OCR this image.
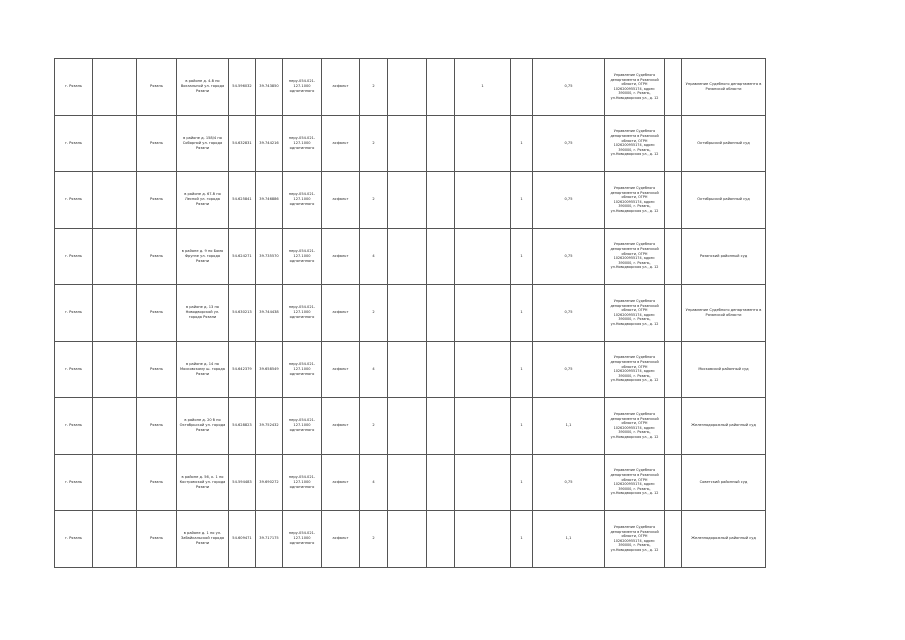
г. Рязань		Рязань	в районе д. 4-б по Вокзальной ул. города Рязани	54.596032	39.743850	неру-054.021-127.1000 однотипного	асфальт	2			1		0,75	Управление Судебного департамента в Рязанской области, ОГРН 1026200955174, адрес: 390000, г. Рязань, ул.Новодворская ул., д. 12		Управление Судебного департамента в Рязанской области
г. Рязань		Рязань	в районе д. 158/4 по Соборной ул. города Рязани	54.632831	39.744216	неру-054.021-127.1000 однотипного	асфальт	2				1	0,75	Управление Судебного департамента в Рязанской области, ОГРН 1026200955174, адрес: 390000, г. Рязань, ул.Новодворская ул., д. 12		Октябрьский районный суд
г. Рязань		Рязань	в районе д. 67-б по Лесной ул. города Рязани	54.625841	39.746886	неру-054.021-127.1000 однотипного	асфальт	2				1	0,75	Управление Судебного департамента в Рязанской области, ОГРН 1026200955174, адрес: 390000, г. Рязань, ул.Новодворская ул., д. 12		Октябрьский районный суд
г. Рязань		Рязань	в районе д. 9 по Бомо Фрунзе ул. города Рязани	54.624271	39.735570	неру-054.021-127.1000 однотипного	асфальт	4				1	0,75	Управление Судебного департамента в Рязанской области, ОГРН 1026200955174, адрес: 390000, г. Рязань, ул.Новодворская ул., д. 12		Рязанский районный суд
г. Рязань		Рязань	в районе д. 13 по Новодворской ул. города Рязани	54.630213	39.744438	неру-054.021-127.1000 однотипного	асфальт	2				1	0,75	Управление Судебного департамента в Рязанской области, ОГРН 1026200955174, адрес: 390000, г. Рязань, ул.Новодворская ул., д. 12		Управление Судебного департамента в Рязанской области
г. Рязань		Рязань	в районе д. 14 по Московскому ш. города Рязани	54.642379	39.658549	неру-054.021-127.1000 однотипного	асфальт	4				1	0,75	Управление Судебного департамента в Рязанской области, ОГРН 1026200955174, адрес: 390000, г. Рязань, ул.Новодворская ул., д. 12		Московский районный суд
г. Рязань		Рязань	в районе д. 20 б по Октябрьской ул. города Рязани	54.628823	39.752432	неру-054.021-127.1000 однотипного	асфальт	2				1	1,1	Управление Судебного департамента в Рязанской области, ОГРН 1026200955174, адрес: 390000, г. Рязань, ул.Новодворская ул., д. 12		Железнодорожный районный суд
г. Рязань		Рязань	в районе д. 56, к. 1 по Костромской ул. города Рязани	54.594483	39.690272	неру-054.021-127.1000 однотипного	асфальт	4				1	0,75	Управление Судебного департамента в Рязанской области, ОГРН 1026200955174, адрес: 390000, г. Рязань, ул.Новодворская ул., д. 12		Советский районный суд
г. Рязань		Рязань	в районе д. 1 по ул. Забайкальской города Рязани	54.609471	39.717175	неру-054.021-127.1000 однотипного	асфальт	2				1	1,1	Управление Судебного департамента в Рязанской области, ОГРН 1026200955174, адрес: 390000, г. Рязань, ул.Новодворская ул., д. 12		Железнодорожный районный суд
